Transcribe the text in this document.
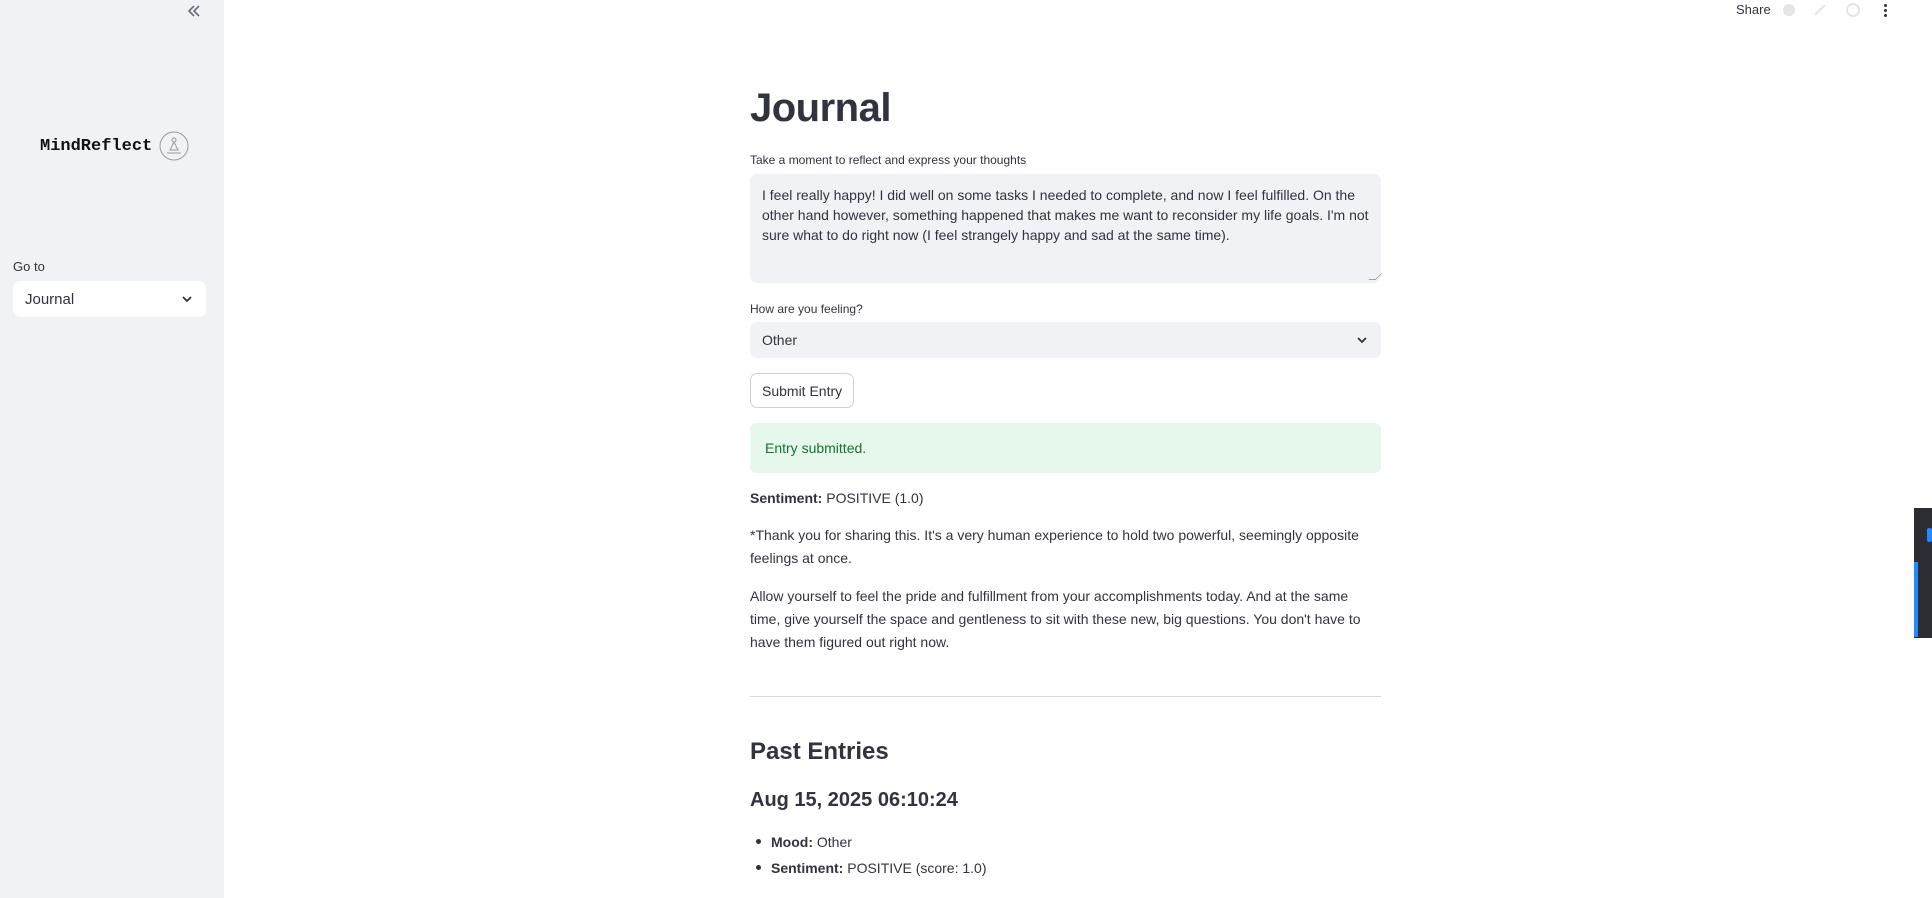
MindReflect
Go to
Journal
Share
Journal
Take a moment to reflect and express your thoughts
I feel really happy! I did well on some tasks I needed to complete, and now I feel fulfilled. On the other hand however, something happened that makes me want to reconsider my life goals. I'm not sure what to do right now (I feel strangely happy and sad at the same time).
How are you feeling?
Other
Submit Entry
Entry submitted.
Sentiment: POSITIVE (1.0)

*Thank you for sharing this. It's a very human experience to hold two powerful, seemingly opposite feelings at once.

Allow yourself to feel the pride and fulfillment from your accomplishments today. And at the same time, give yourself the space and gentleness to sit with these new, big questions. You don't have to have them figured out right now.

Past Entries
Aug 15, 2025 06:10:24
Mood: Other
Sentiment: POSITIVE (score: 1.0)
